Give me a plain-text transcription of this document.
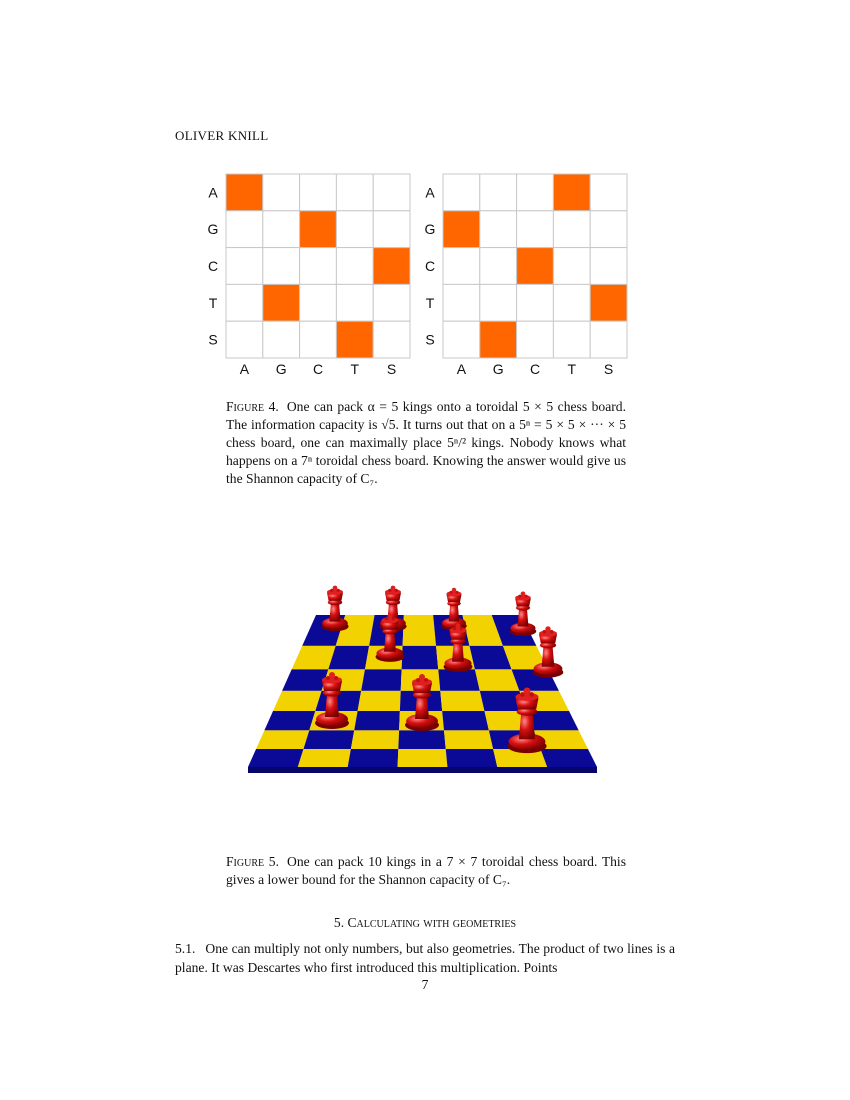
OLIVER KNILL
A
G
C
T
S
A G C T S
A
G
C
T
S
A G C T S
Figure 4. One can pack α = 5 kings onto a toroidal 5 × 5 chess board. The information capacity is √5. It turns out that on a 5ⁿ = 5 × 5 × ··· × 5 chess board, one can maximally place 5ⁿ/² kings. Nobody knows what happens on a 7ⁿ toroidal chess board. Knowing the answer would give us the Shannon capacity of C₇.
Figure 5. One can pack 10 kings in a 7 × 7 toroidal chess board. This gives a lower bound for the Shannon capacity of C₇.
5. Calculating with geometries
5.1. One can multiply not only numbers, but also geometries. The product of two lines is a plane. It was Descartes who first introduced this multiplication. Points
7
